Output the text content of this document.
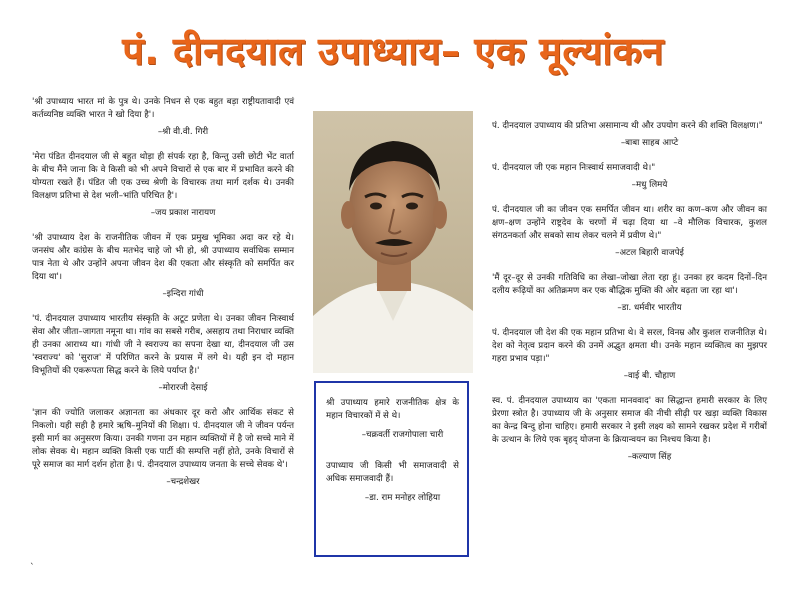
पं. दीनदयाल उपाध्याय– एक मूल्यांकन

'श्री उपाध्याय भारत मां के पुत्र थे। उनके निधन से एक बहुत बड़ा राष्ट्रीयतावादी एवं कर्तव्यनिष्ठ व्यक्ति भारत ने खो दिया है'।

–श्री वी.वी. गिरी

'मेरा पंडित दीनदयाल जी से बहुत थोड़ा ही संपर्क रहा है, किन्तु उसी छोटी भेंट वार्ता के बीच मैंने जाना कि वे किसी को भी अपने विचारों से एक बार में प्रभावित करने की योग्यता रखते हैं। पंडित जी एक उच्च श्रेणी के विचारक तथा मार्ग दर्शक थे। उनकी विलक्षण प्रतिभा से देश भली–भांति परिचित है'।

–जय प्रकाश नारायण

'श्री उपाध्याय देश के राजनीतिक जीवन में एक प्रमुख भूमिका अदा कर रहे थे। जनसंघ और कांग्रेस के बीच मतभेद चाहे जो भी हो, श्री उपाध्याय सर्वाधिक सम्मान पात्र नेता थे और उन्होंने अपना जीवन देश की एकता और संस्कृति को समर्पित कर दिया था'।

–इन्दिरा गांधी

'पं. दीनदयाल उपाध्याय भारतीय संस्कृति के अटूट प्रणेता थे। उनका जीवन निःस्वार्थ सेवा और जीता–जागता नमूना था। गांव का सबसे गरीब, असहाय तथा निराधार व्यक्ति ही उनका आराध्य था। गांधी जी ने स्वराज्य का सपना देखा था, दीनदयाल जी उस 'स्वराज्य' को 'सुराज' में परिणित करने के प्रयास में लगे थे। यही इन दो महान विभूतियों की एकरूपता सिद्ध करने के लिये पर्याप्त है।'

–मोरारजी देसाई

'ज्ञान की ज्योति जलाकर अज्ञानता का अंधकार दूर करो और आर्थिक संकट से निकलो। यही सही है हमारे ऋषि–मुनियों की शिक्षा। पं. दीनदयाल जी ने जीवन पर्यन्त इसी मार्ग का अनुसरण किया। उनकी गणना उन महान व्यक्तियों में है जो सच्चे माने में लोक सेवक थे। महान व्यक्ति किसी एक पार्टी की सम्पत्ति नहीं होते, उनके विचारों से पूरे समाज का मार्ग दर्शन होता है। पं. दीनदयाल उपाध्याय जनता के सच्चे सेवक थे'।

–चन्द्रशेखर

श्री उपाध्याय हमारे राजनीतिक क्षेत्र के महान विचारकों में से थे।

–चक्रवर्ती राजगोपाला चारी

उपाध्याय जी किसी भी समाजवादी से अधिक समाजवादी हैं।

–डा. राम मनोहर लोहिया

पं. दीनदयाल उपाध्याय की प्रतिभा असामान्य थी और उपयोग करने की शक्ति विलक्षण।"

–बाबा साहब आप्टे

पं. दीनदयाल जी एक महान निःस्वार्थ समाजवादी थे।"

–मधु लिमये

पं. दीनदयाल जी का जीवन एक समर्पित जीवन था। शरीर का कण–कण और जीवन का क्षण–क्षण उन्होंने राष्ट्रदेव के चरणों में चढ़ा दिया था –वे मौलिक विचारक, कुशल संगठनकर्ता और सबको साथ लेकर चलने में प्रवीण थे।"

–अटल बिहारी वाजपेई

'मैं दूर–दूर से उनकी गतिविधि का लेखा–जोखा लेता रहा हूं। उनका हर कदम दिनों–दिन दलीय रूढ़ियों का अतिक्रमण कर एक बौद्धिक मुक्ति की ओर बढ़ता जा रहा था'।

–डा. धर्मवीर भारतीय

पं. दीनदयाल जी देश की एक महान प्रतिभा थे। वे सरल, विनम्र और कुशल राजनीतिज्ञ थे। देश को नेतृत्व प्रदान करने की उनमें अद्भुत क्षमता थी। उनके महान व्यक्तित्व का मुझपर गहरा प्रभाव पड़ा।"

–वाई बी. चौहाण

स्व. पं. दीनदयाल उपाध्याय का 'एकता मानववाद' का सिद्धान्त हमारी सरकार के लिए प्रेरणा स्त्रोत है। उपाध्याय जी के अनुसार समाज की नीची सीढ़ी पर खड़ा व्यक्ति विकास का केन्द्र बिन्दु होना चाहिए। हमारी सरकार ने इसी लक्ष्य को सामने रखकर प्रदेश में गरीबों के उत्थान के लिये एक बृहद् योजना के क्रियान्वयन का निश्चय किया है।

–कल्याण सिंह
`
